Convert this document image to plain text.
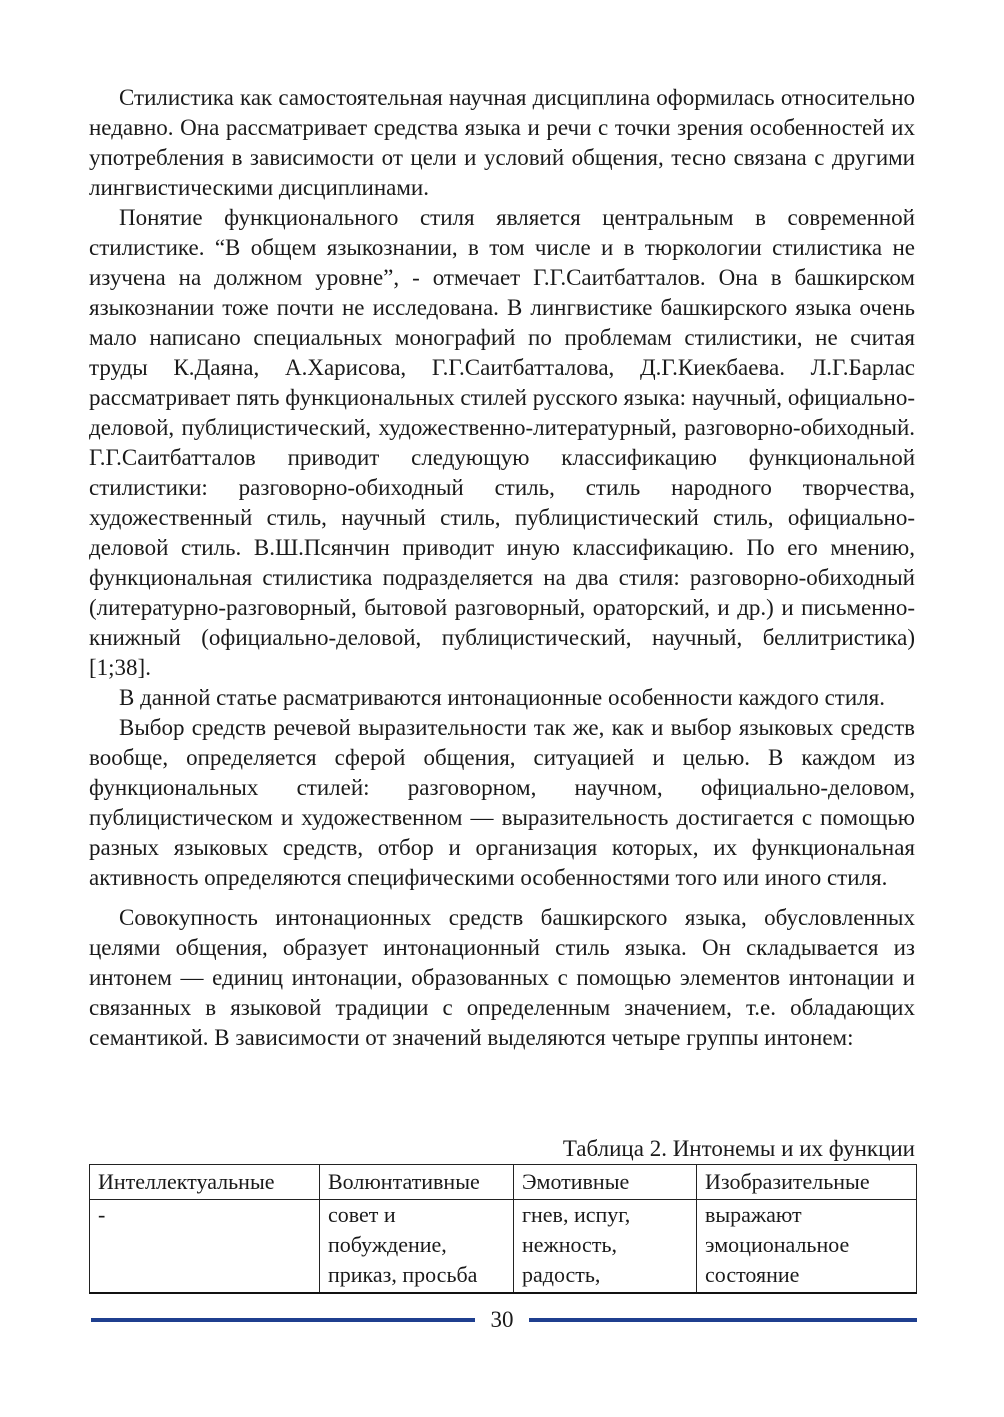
Стилистика как самостоятельная научная дисциплина оформилась относительно недавно. Она рассматривает средства языка и речи с точки зрения особенностей их употребления в зависимости от цели и условий общения, тесно связана с другими лингвистическими дисциплинами.

Понятие функционального стиля является центральным в современной стилистике. “В общем языкознании, в том числе и в тюркологии стилистика не изучена на должном уровне”, - отмечает Г.Г.Саитбатталов. Она в башкирском языкознании тоже почти не исследована. В лингвистике башкирского языка очень мало написано специальных монографий по проблемам стилистики, не считая труды К.Даяна, А.Харисова, Г.Г.Саитбатталова, Д.Г.Киекбаева. Л.Г.Барлас рассматривает пять функциональных стилей русского языка: научный, официально-деловой, публицистический, художественно-литературный, разговорно-обиходный. Г.Г.Саитбатталов приводит следующую классификацию функциональной стилистики: разговорно-обиходный стиль, стиль народного творчества, художественный стиль, научный стиль, публицистический стиль, официально-деловой стиль. В.Ш.Псянчин приводит иную классификацию. По его мнению, функциональная стилистика подразделяется на два стиля: разговорно-обиходный (литературно-разговорный, бытовой разговорный, ораторский, и др.) и письменно-книжный (официально-деловой, публицистический, научный, беллитристика) [1;38].

В данной статье расматриваются интонационные особенности каждого стиля.

Выбор средств речевой выразительности так же, как и выбор языковых средств вообще, определяется сферой общения, ситуацией и целью. В каждом из функциональных стилей: разговорном, научном, официально-деловом, публицистическом и художественном — выразительность достигается с помощью разных языковых средств, отбор и организация которых, их функциональная активность определяются специфическими особенностями того или иного стиля.

Совокупность интонационных средств башкирского языка, обусловленных целями общения, образует интонационный стиль языка. Он складывается из интонем — единиц интонации, образованных с помощью элементов интонации и связанных в языковой традиции с определенным значением, т.е. обладающих семантикой. В зависимости от значений выделяются четыре группы интонем:

Таблица 2. Интонемы и их функции
Интеллектуальные	Волюнтативные	Эмотивные	Изобразительные
-	совет и побуждение, приказ, просьба	гнев, испуг, нежность, радость,	выражают эмоциональное состояние
30
